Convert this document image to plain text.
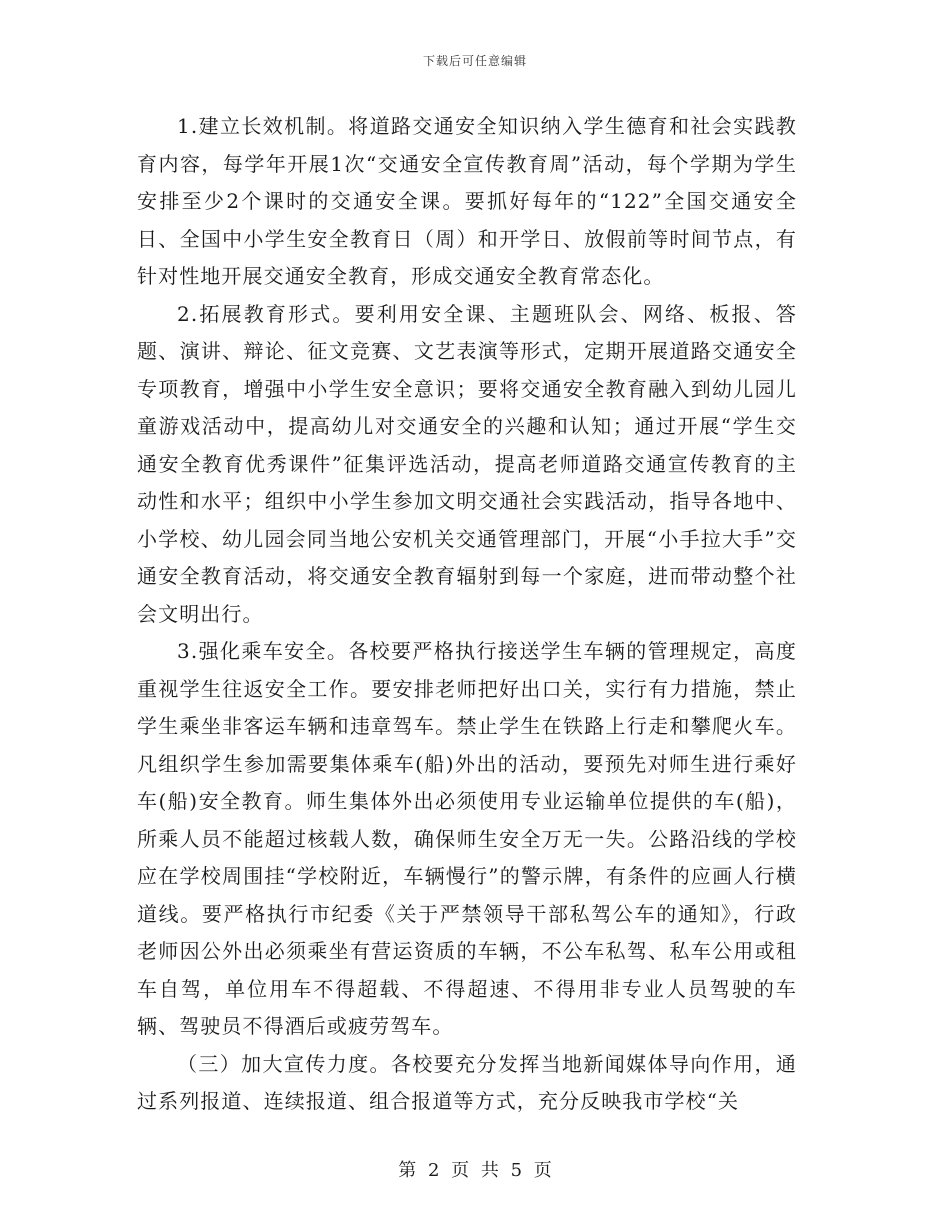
下载后可任意编辑

1.建立长效机制。将道路交通安全知识纳入学生德育和社会实践教育内容，每学年开展1次“交通安全宣传教育周”活动，每个学期为学生安排至少2个课时的交通安全课。要抓好每年的“122”全国交通安全日、全国中小学生安全教育日（周）和开学日、放假前等时间节点，有针对性地开展交通安全教育，形成交通安全教育常态化。

2.拓展教育形式。要利用安全课、主题班队会、网络、板报、答题、演讲、辩论、征文竞赛、文艺表演等形式，定期开展道路交通安全专项教育，增强中小学生安全意识；要将交通安全教育融入到幼儿园儿童游戏活动中，提高幼儿对交通安全的兴趣和认知；通过开展“学生交通安全教育优秀课件”征集评选活动，提高老师道路交通宣传教育的主动性和水平；组织中小学生参加文明交通社会实践活动，指导各地中、小学校、幼儿园会同当地公安机关交通管理部门，开展“小手拉大手”交通安全教育活动，将交通安全教育辐射到每一个家庭，进而带动整个社会文明出行。

3.强化乘车安全。各校要严格执行接送学生车辆的管理规定，高度重视学生往返安全工作。要安排老师把好出口关，实行有力措施，禁止学生乘坐非客运车辆和违章驾车。禁止学生在铁路上行走和攀爬火车。凡组织学生参加需要集体乘车(船)外出的活动，要预先对师生进行乘好车(船)安全教育。师生集体外出必须使用专业运输单位提供的车(船)，所乘人员不能超过核载人数，确保师生安全万无一失。公路沿线的学校应在学校周围挂“学校附近，车辆慢行”的警示牌，有条件的应画人行横道线。要严格执行市纪委《关于严禁领导干部私驾公车的通知》，行政老师因公外出必须乘坐有营运资质的车辆，不公车私驾、私车公用或租车自驾，单位用车不得超载、不得超速、不得用非专业人员驾驶的车辆、驾驶员不得酒后或疲劳驾车。

（三）加大宣传力度。各校要充分发挥当地新闻媒体导向作用，通过系列报道、连续报道、组合报道等方式，充分反映我市学校“关

第 2 页 共 5 页
